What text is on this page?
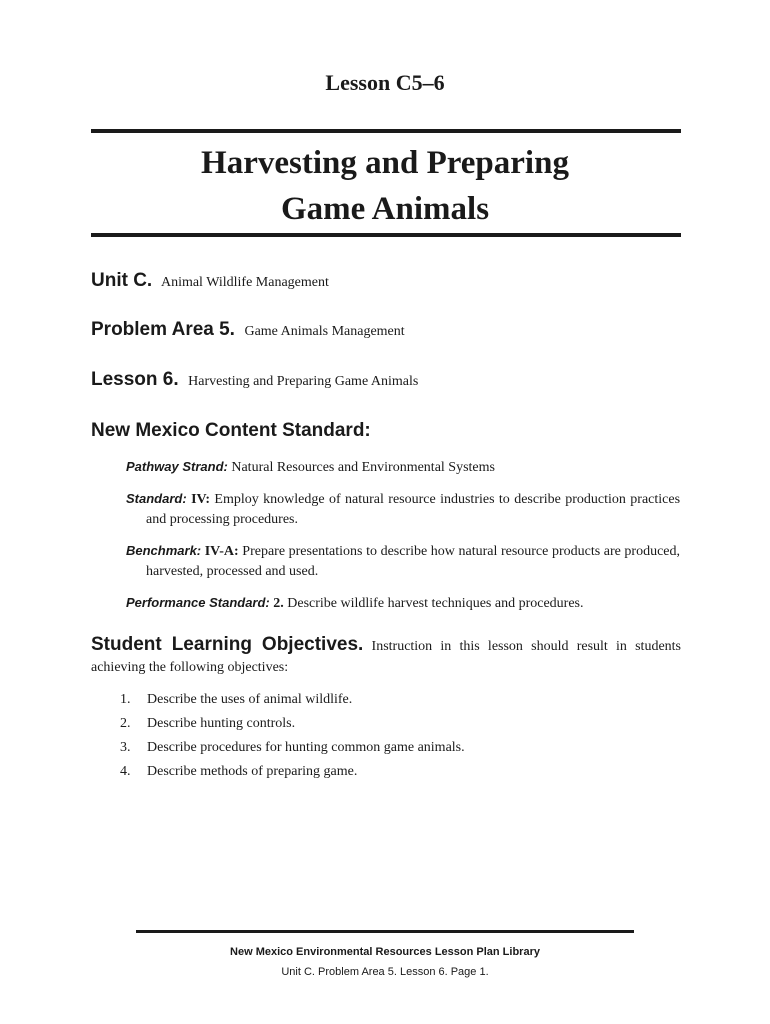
Lesson C5–6
Harvesting and Preparing
Game Animals
Unit C. Animal Wildlife Management
Problem Area 5. Game Animals Management
Lesson 6. Harvesting and Preparing Game Animals
New Mexico Content Standard:
Pathway Strand: Natural Resources and Environmental Systems
Standard: IV: Employ knowledge of natural resource industries to describe production practices and processing procedures.
Benchmark: IV-A: Prepare presentations to describe how natural resource products are produced, harvested, processed and used.
Performance Standard: 2. Describe wildlife harvest techniques and procedures.
Student Learning Objectives. Instruction in this lesson should result in students achieving the following objectives:
1. Describe the uses of animal wildlife.
2. Describe hunting controls.
3. Describe procedures for hunting common game animals.
4. Describe methods of preparing game.
New Mexico Environmental Resources Lesson Plan Library
Unit C. Problem Area 5. Lesson 6. Page 1.
